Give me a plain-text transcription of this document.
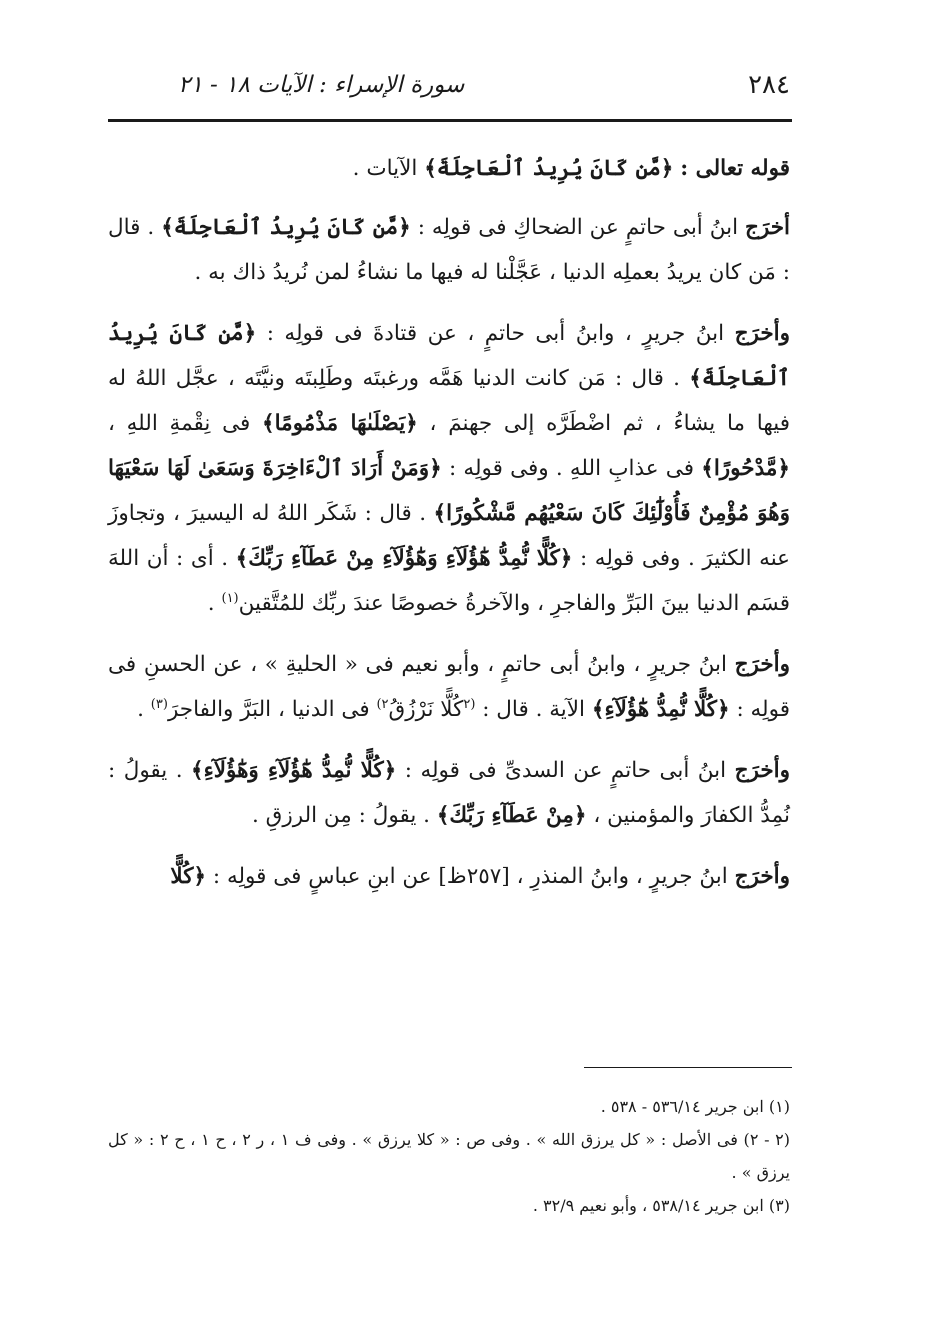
٢٨٤
سورة الإسراء : الآيات ١٨ - ٢١

قوله تعالى : ﴿مَّن كَانَ يُرِيدُ ٱلْعَاجِلَةَ﴾ الآيات .

أخرَج ابنُ أبى حاتمٍ عن الضحاكِ فى قولِه : ﴿مَّن كَانَ يُرِيدُ ٱلْعَاجِلَةَ﴾ . قال : مَن كان يريدُ بعملِه الدنيا ، عَجَّلْنا له فيها ما نشاءُ لمن نُريدُ ذاك به .

وأخرَج ابنُ جريرٍ ، وابنُ أبى حاتمٍ ، عن قتادةَ فى قولِه : ﴿مَّن كَانَ يُرِيدُ ٱلْعَاجِلَةَ﴾ . قال : مَن كانت الدنيا هَمَّه ورغبتَه وطَلِبتَه ونيَّتَه ، عجَّل اللهُ له فيها ما يشاءُ ، ثم اضْطَرَّه إلى جهنمَ ، ﴿يَصْلَىٰهَا مَذْمُومًا﴾ فى نِقْمةِ اللهِ ، ﴿مَّدْحُورًا﴾ فى عذابِ اللهِ . وفى قولِه : ﴿وَمَنْ أَرَادَ ٱلْءَاخِرَةَ وَسَعَىٰ لَهَا سَعْيَهَا وَهُوَ مُؤْمِنٌ فَأُوْلَٰٓئِكَ كَانَ سَعْيُهُم مَّشْكُورًا﴾ . قال : شَكَر اللهُ له اليسيرَ ، وتجاوزَ عنه الكثيرَ . وفى قولِه : ﴿كُلًّا نُّمِدُّ هَٰٓؤُلَآءِ وَهَٰٓؤُلَآءِ مِنْ عَطَآءِ رَبِّكَ﴾ . أى : أن اللهَ قسَم الدنيا بينَ البَرِّ والفاجرِ ، والآخرةُ خصوصًا عندَ ربِّك للمُتَّقين$^{(١)}$ .

وأخرَج ابنُ جريرٍ ، وابنُ أبى حاتمٍ ، وأبو نعيم فى « الحليةِ » ، عن الحسنِ فى قولِه : ﴿كُلًّا نُّمِدُّ هَٰٓؤُلَآءِ﴾ الآية . قال : $^{(٢}$كُلًّا نَرْزُقُ$^{٢)}$ فى الدنيا ، البَرَّ والفاجرَ$^{(٣)}$ .

وأخرَج ابنُ أبى حاتمٍ عن السدىِّ فى قولِه : ﴿كُلًّا نُّمِدُّ هَٰٓؤُلَآءِ وَهَٰٓؤُلَآءِ﴾ . يقولُ : نُمِدُّ الكفارَ والمؤمنين ، ﴿مِنْ عَطَآءِ رَبِّكَ﴾ . يقولُ : مِن الرزقِ .

وأخرَج ابنُ جريرٍ ، وابنُ المنذرِ ، [٢٥٧ظ] عن ابنِ عباسٍ فى قولِه : ﴿كُلًّا

(١) ابن جرير ٥٣٦/١٤ - ٥٣٨ .

(٢ - ٢) فى الأصل : « كل يرزق الله » . وفى ص : « كلا يرزق » . وفى ف ١ ، ر ٢ ، ح ١ ، ح ٢ : « كل يرزق » .

(٣) ابن جرير ٥٣٨/١٤ ، وأبو نعيم ٣٢/٩ .
